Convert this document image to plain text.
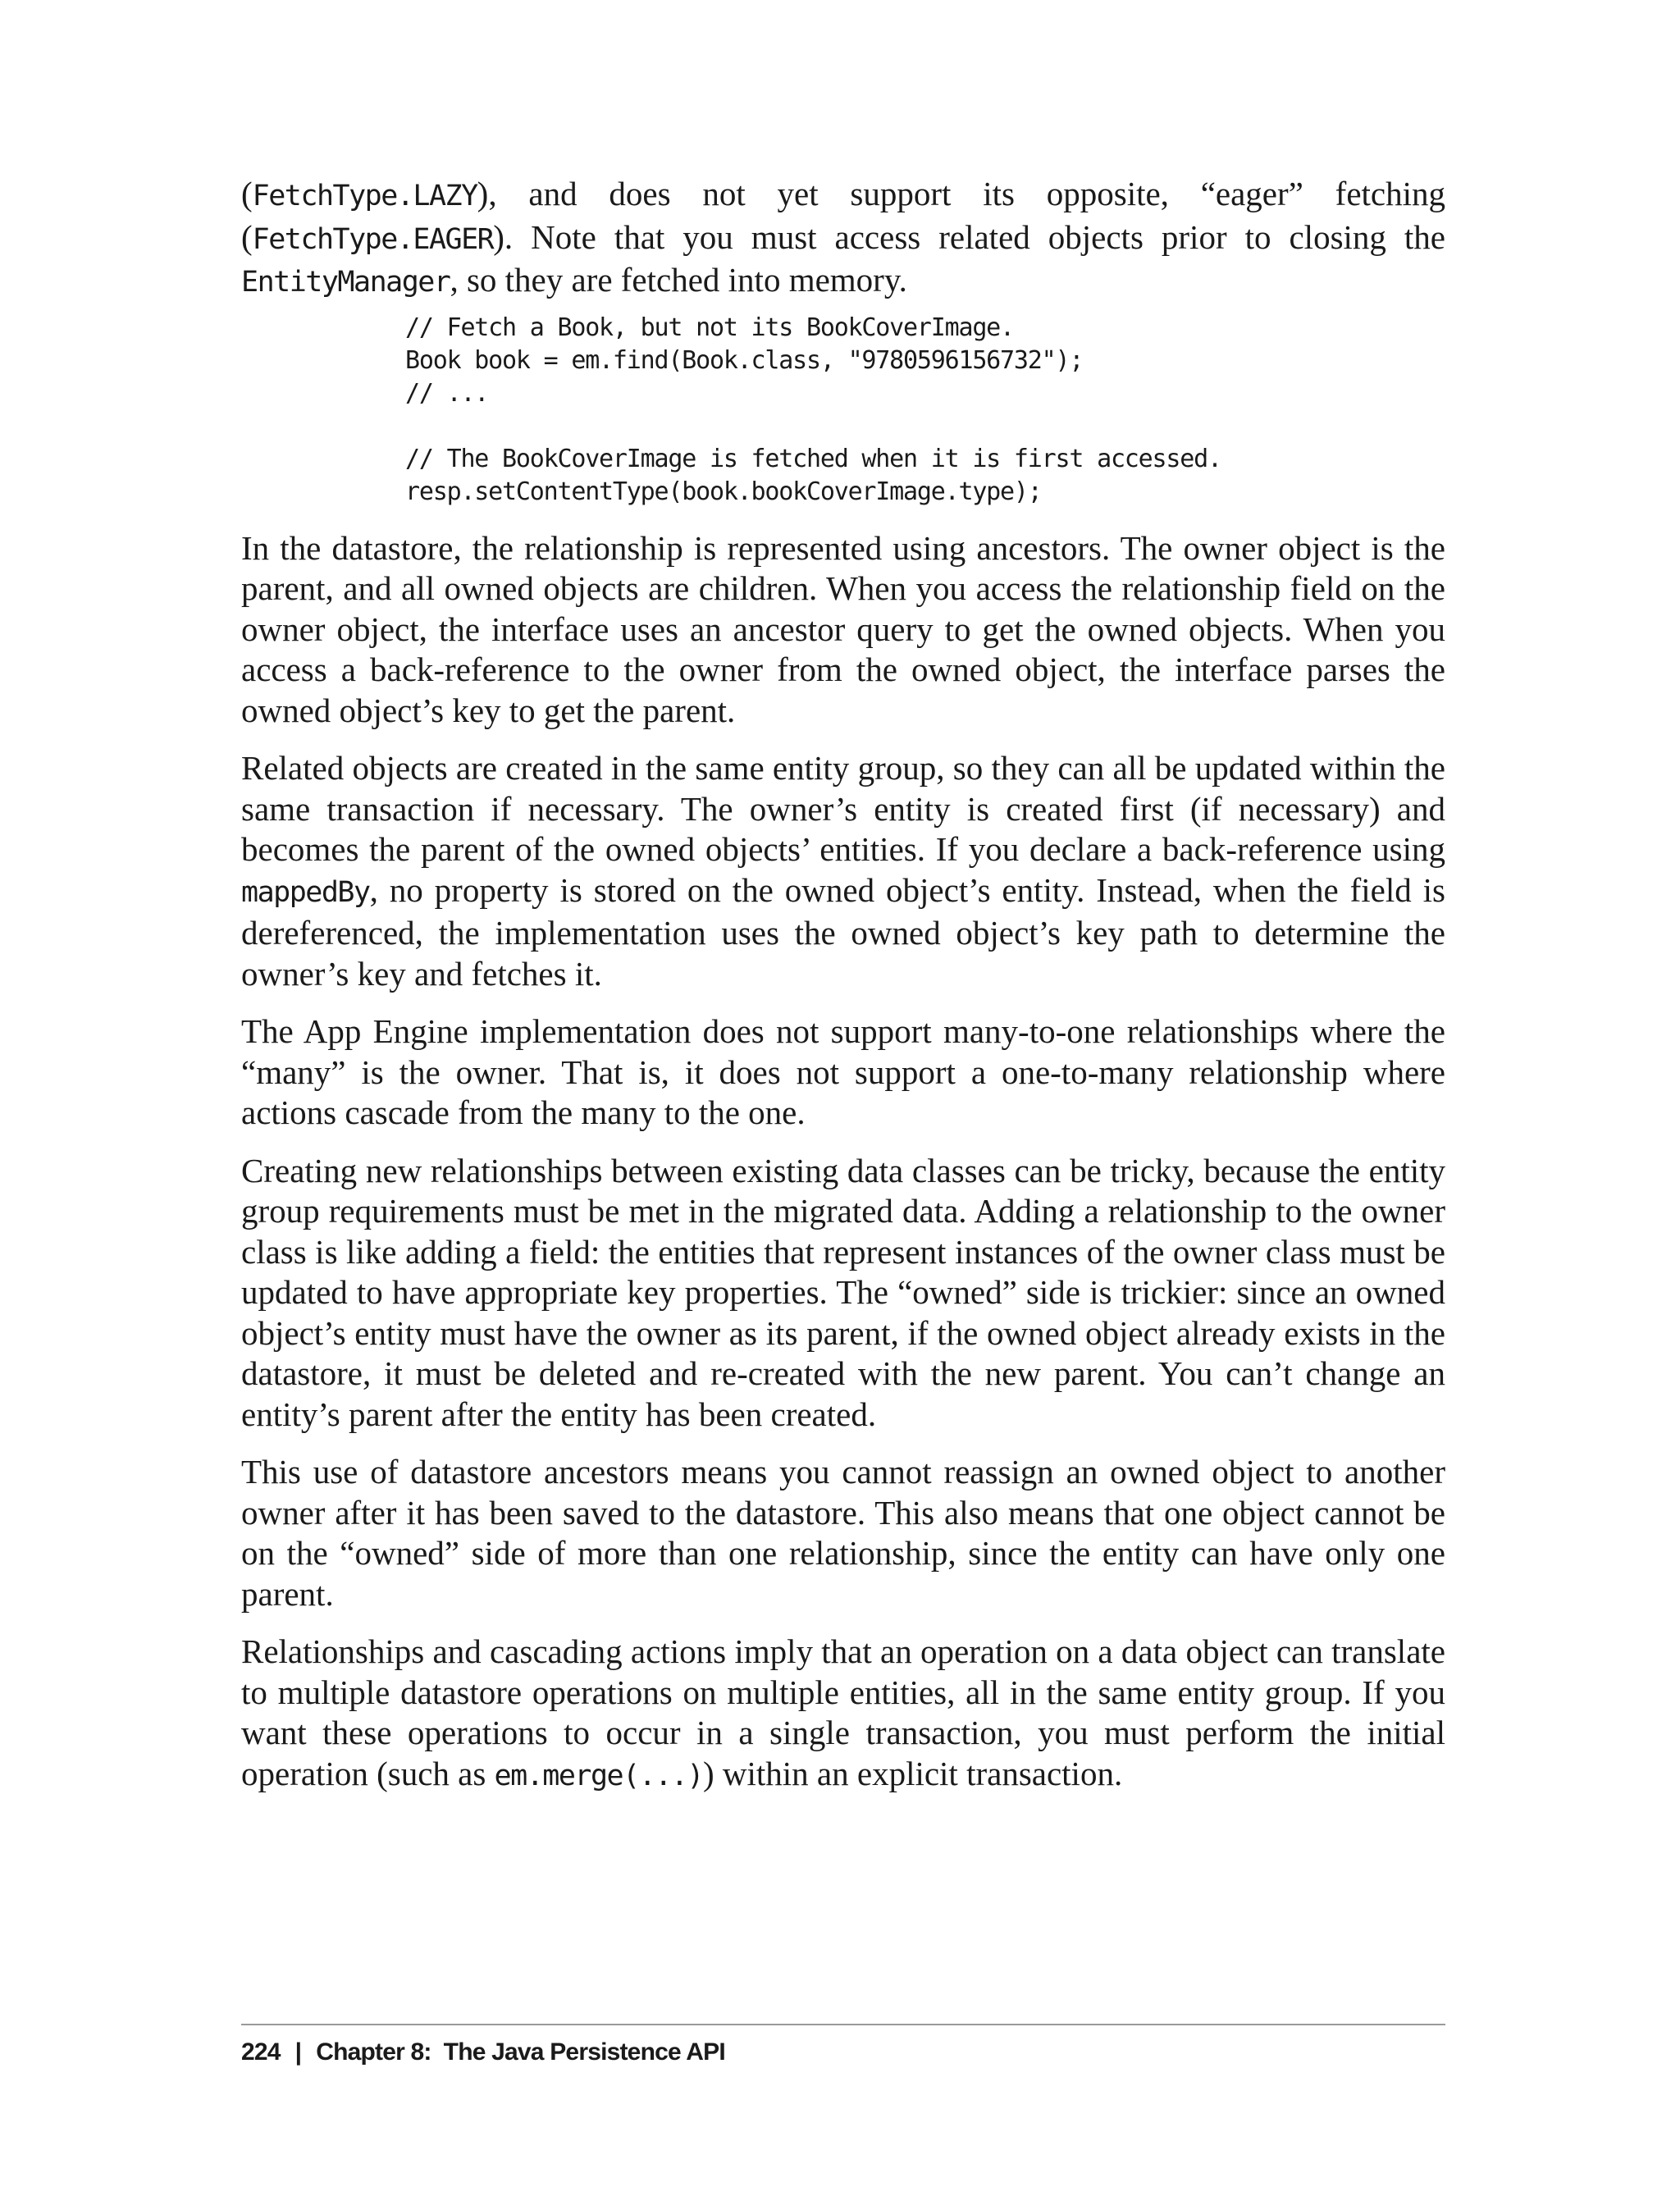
(FetchType.LAZY), and does not yet support its opposite, “eager” fetching (FetchType.EAGER). Note that you must access related objects prior to closing the EntityManager, so they are fetched into memory.

// Fetch a Book, but not its BookCoverImage.
Book book = em.find(Book.class, "9780596156732");
// ...
// The BookCoverImage is fetched when it is first accessed.
resp.setContentType(book.bookCoverImage.type);

In the datastore, the relationship is represented using ancestors. The owner object is the parent, and all owned objects are children. When you access the relationship field on the owner object, the interface uses an ancestor query to get the owned objects. When you access a back-reference to the owner from the owned object, the interface parses the owned object’s key to get the parent.

Related objects are created in the same entity group, so they can all be updated within the same transaction if necessary. The owner’s entity is created first (if necessary) and becomes the parent of the owned objects’ entities. If you declare a back-reference using mappedBy, no property is stored on the owned object’s entity. Instead, when the field is dereferenced, the implementation uses the owned object’s key path to determine the owner’s key and fetches it.

The App Engine implementation does not support many-to-one relationships where the “many” is the owner. That is, it does not support a one-to-many relationship where actions cascade from the many to the one.

Creating new relationships between existing data classes can be tricky, because the entity group requirements must be met in the migrated data. Adding a relationship to the owner class is like adding a field: the entities that represent instances of the owner class must be updated to have appropriate key properties. The “owned” side is trickier: since an owned object’s entity must have the owner as its parent, if the owned object already exists in the datastore, it must be deleted and re-created with the new parent. You can’t change an entity’s parent after the entity has been created.

This use of datastore ancestors means you cannot reassign an owned object to another owner after it has been saved to the datastore. This also means that one object cannot be on the “owned” side of more than one relationship, since the entity can have only one parent.

Relationships and cascading actions imply that an operation on a data object can translate to multiple datastore operations on multiple entities, all in the same entity group. If you want these operations to occur in a single transaction, you must perform the initial operation (such as em.merge(...)) within an explicit transaction.

224 | Chapter 8:  The Java Persistence API
